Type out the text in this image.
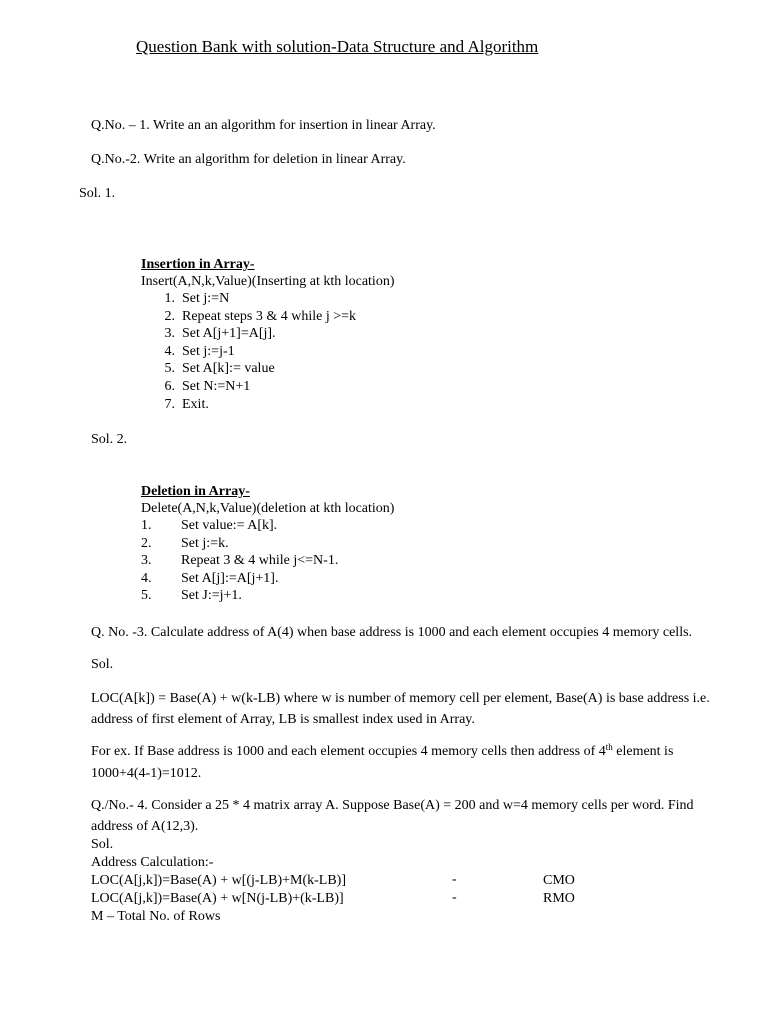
Question Bank with solution-Data Structure and Algorithm
Q.No. – 1. Write an an algorithm for insertion in linear Array.
Q.No.-2. Write an algorithm for deletion in linear Array.
Sol. 1.
Insertion in Array-
Insert(A,N,k,Value)(Inserting at kth location)
1. Set j:=N
2. Repeat steps 3 & 4 while j >=k
3. Set A[j+1]=A[j].
4. Set j:=j-1
5. Set A[k]:= value
6. Set N:=N+1
7. Exit.
Sol. 2.
Deletion in Array-
Delete(A,N,k,Value)(deletion at kth location)
1. Set value:= A[k].
2. Set j:=k.
3. Repeat 3 & 4 while j<=N-1.
4. Set A[j]:=A[j+1].
5. Set J:=j+1.
Q. No. -3. Calculate address of A(4) when base address is 1000 and each element occupies 4 memory cells.
Sol.
LOC(A[k]) = Base(A) + w(k-LB) where w is number of memory cell per element, Base(A) is base address i.e.
address of first element of Array, LB is smallest index used in Array.
For ex. If Base address is 1000 and each element occupies 4 memory cells then address of 4th element is
1000+4(4-1)=1012.
Q./No.- 4. Consider a 25 * 4 matrix array A. Suppose Base(A) = 200 and w=4 memory cells per word. Find
address of A(12,3).
Sol.
Address Calculation:-
LOC(A[j,k])=Base(A) + w[(j-LB)+M(k-LB)]	-	CMO
LOC(A[j,k])=Base(A) + w[N(j-LB)+(k-LB)]	-	RMO
M – Total No. of Rows
